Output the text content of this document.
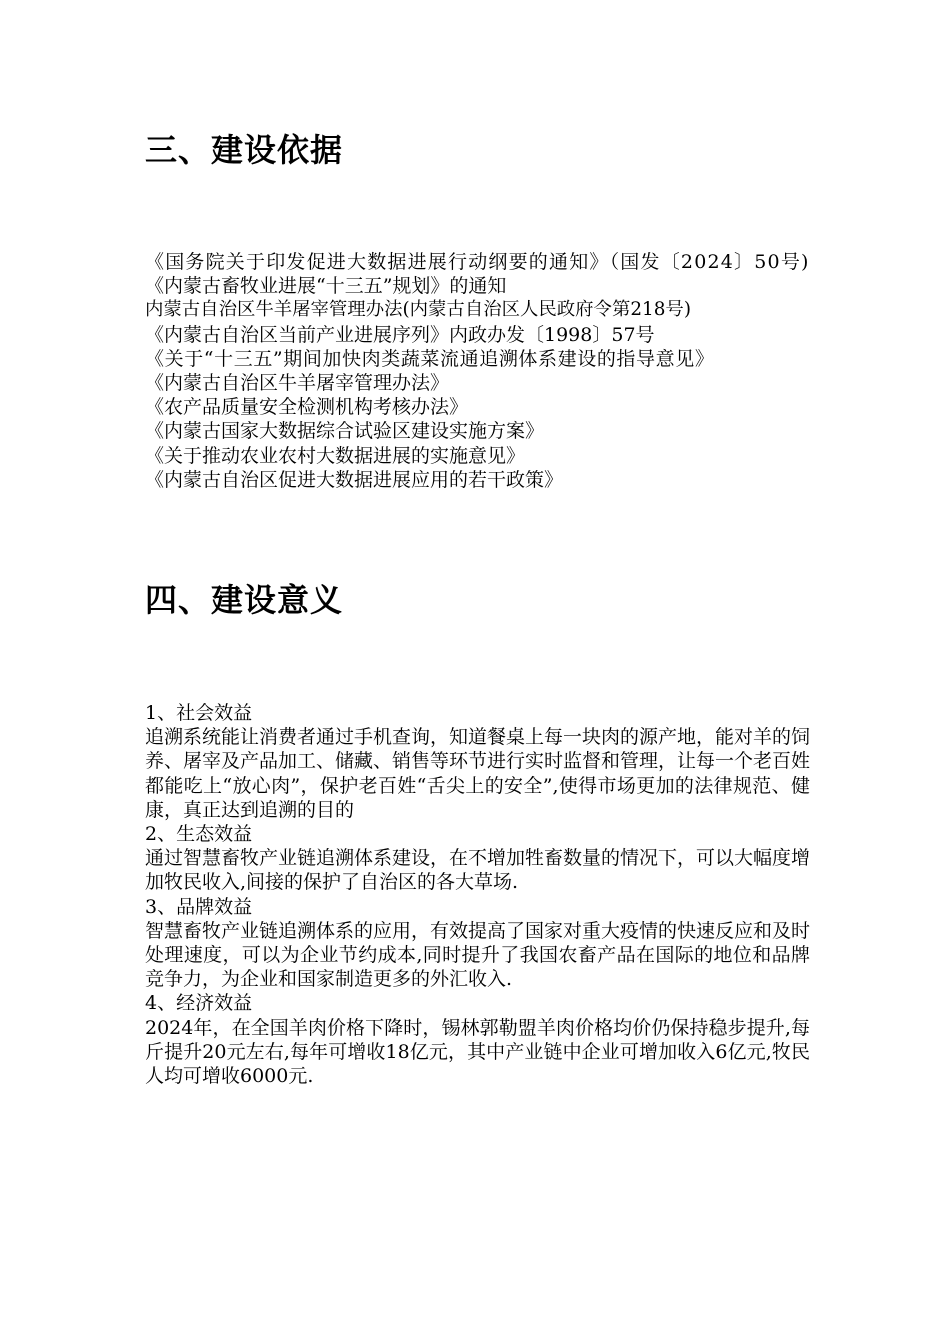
三、建设依据
《国务院关于印发促进大数据进展行动纲要的通知》（国发〔2024〕50号)
《内蒙古畜牧业进展“十三五”规划》的通知
内蒙古自治区牛羊屠宰管理办法(内蒙古自治区人民政府令第218号)
《内蒙古自治区当前产业进展序列》内政办发〔1998〕57号
《关于“十三五”期间加快肉类蔬菜流通追溯体系建设的指导意见》
《内蒙古自治区牛羊屠宰管理办法》
《农产品质量安全检测机构考核办法》
《内蒙古国家大数据综合试验区建设实施方案》
《关于推动农业农村大数据进展的实施意见》
《内蒙古自治区促进大数据进展应用的若干政策》
四、建设意义
1、社会效益
追溯系统能让消费者通过手机查询，知道餐桌上每一块肉的源产地，能对羊的饲养、屠宰及产品加工、储藏、销售等环节进行实时监督和管理，让每一个老百姓都能吃上“放心肉”，保护老百姓“舌尖上的安全”,使得市场更加的法律规范、健康，真正达到追溯的目的
2、生态效益
通过智慧畜牧产业链追溯体系建设，在不增加牲畜数量的情况下，可以大幅度增加牧民收入,间接的保护了自治区的各大草场.
3、品牌效益
智慧畜牧产业链追溯体系的应用，有效提高了国家对重大疫情的快速反应和及时处理速度，可以为企业节约成本,同时提升了我国农畜产品在国际的地位和品牌竞争力，为企业和国家制造更多的外汇收入.
4、经济效益
2024年，在全国羊肉价格下降时，锡林郭勒盟羊肉价格均价仍保持稳步提升,每斤提升20元左右,每年可增收18亿元，其中产业链中企业可增加收入6亿元,牧民人均可增收6000元.
